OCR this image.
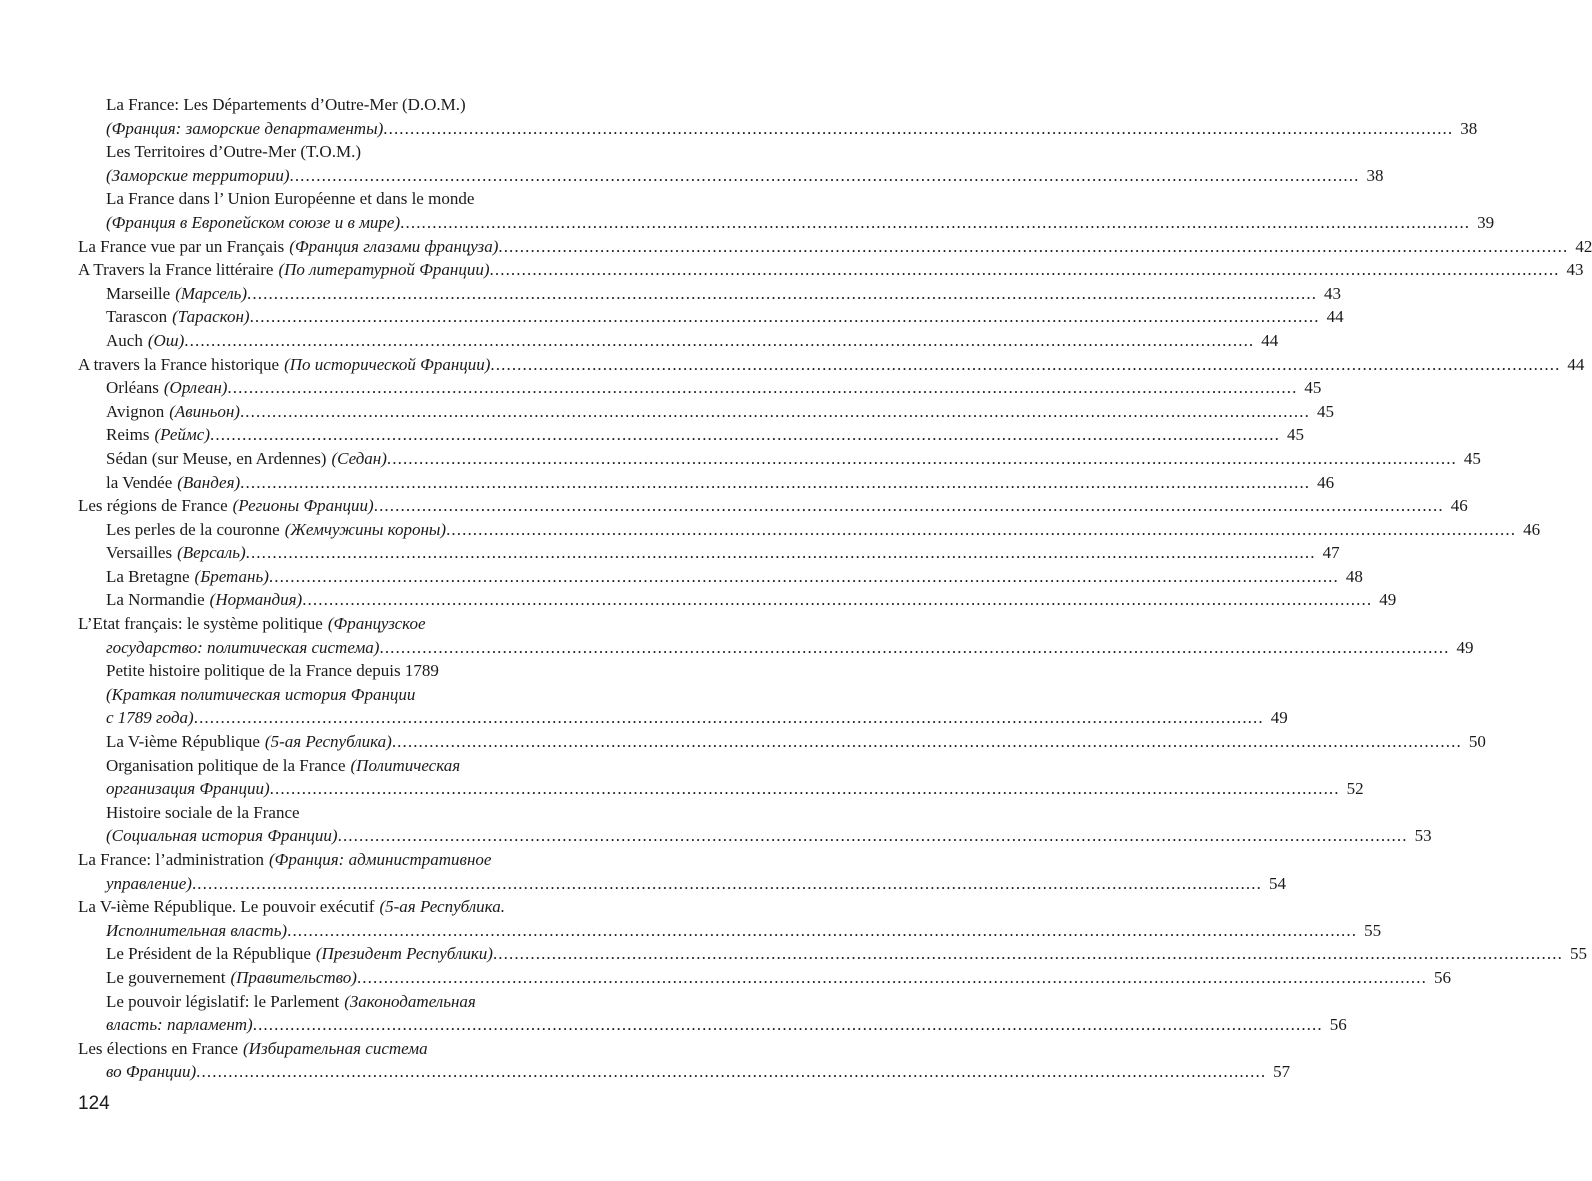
La France: Les Départements d’Outre-Mer (D.O.M.)
(Франция: заморские департаменты) ........................................................................................................................................................................................................ 38
Les Territoires d’Outre-Mer (T.O.M.)
(Заморские территории) ........................................................................................................................................................................................................ 38
La France dans l’ Union Européenne et dans le monde
(Франция в Европейском союзе и в мире) ........................................................................................................................................................................................................ 39
La France vue par un Français (Франция глазами француза) ........................................................................................................................................................................................................ 42
A Travers la France littéraire (По литературной Франции) ........................................................................................................................................................................................................ 43
Marseille (Марсель) ........................................................................................................................................................................................................ 43
Tarascon (Тараскон) ........................................................................................................................................................................................................ 44
Auch (Ош) ........................................................................................................................................................................................................ 44
A travers la France historique (По исторической Франции) ........................................................................................................................................................................................................ 44
Orléans (Орлеан) ........................................................................................................................................................................................................ 45
Avignon (Авиньон) ........................................................................................................................................................................................................ 45
Reims (Реймс) ........................................................................................................................................................................................................ 45
Sédan (sur Meuse, en Ardennes) (Седан) ........................................................................................................................................................................................................ 45
la Vendée (Вандея) ........................................................................................................................................................................................................ 46
Les régions de France (Регионы Франции) ........................................................................................................................................................................................................ 46
Les perles de la couronne (Жемчужины короны) ........................................................................................................................................................................................................ 46
Versailles (Версаль) ........................................................................................................................................................................................................ 47
La Bretagne (Бретань) ........................................................................................................................................................................................................ 48
La Normandie (Нормандия) ........................................................................................................................................................................................................ 49
L’Etat français: le système politique (Французское
государство: политическая система) ........................................................................................................................................................................................................ 49
Petite histoire politique de la France depuis 1789
(Краткая политическая история Франции
с 1789 года) ........................................................................................................................................................................................................ 49
La V-ième République (5-ая Республика) ........................................................................................................................................................................................................ 50
Organisation politique de la France (Политическая
организация Франции) ........................................................................................................................................................................................................ 52
Histoire sociale de la France
(Социальная история Франции) ........................................................................................................................................................................................................ 53
La France: l’administration (Франция: административное
управление) ........................................................................................................................................................................................................ 54
La V-ième République. Le pouvoir exécutif (5-ая Республика.
Исполнительная власть) ........................................................................................................................................................................................................ 55
Le Président de la République (Президент Республики) ........................................................................................................................................................................................................ 55
Le gouvernement (Правительство) ........................................................................................................................................................................................................ 56
Le pouvoir législatif: le Parlement (Законодательная
власть: парламент) ........................................................................................................................................................................................................ 56
Les élections en France (Избирательная система
во Франции) ........................................................................................................................................................................................................ 57
124
